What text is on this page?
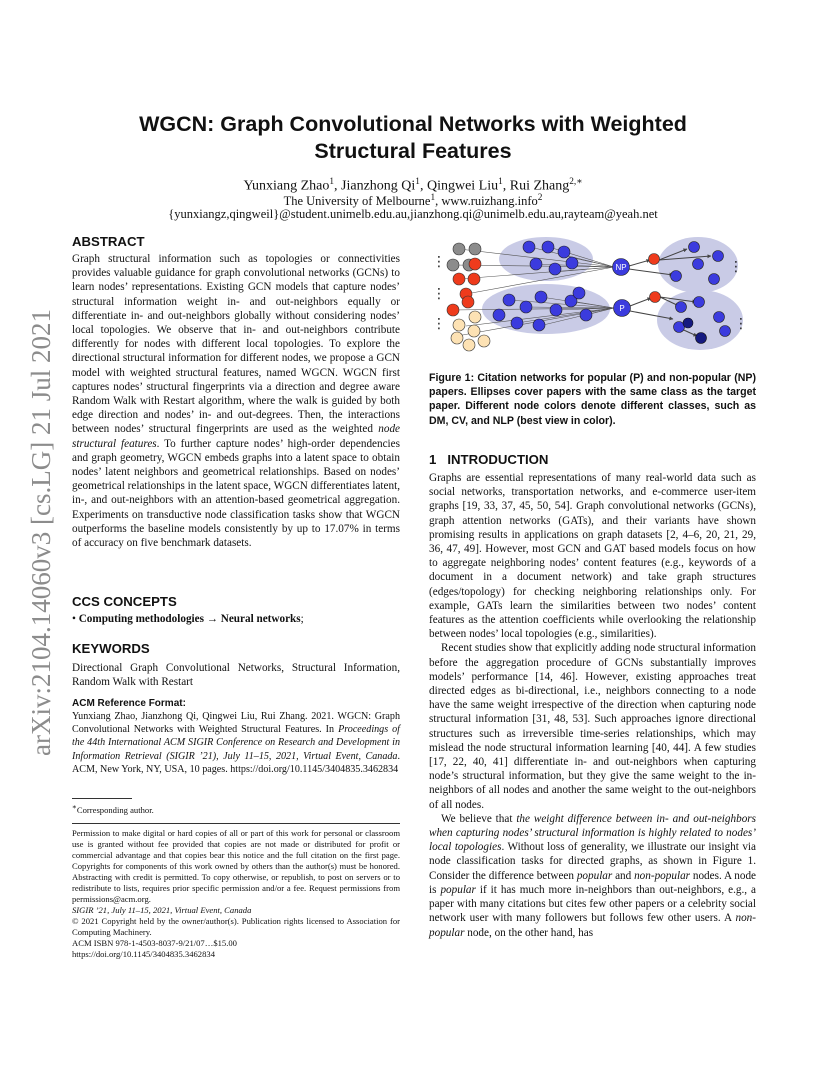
arXiv:2104.14060v3 [cs.LG] 21 Jul 2021
WGCN: Graph Convolutional Networks with Weighted Structural Features
Yunxiang Zhao$^1$, Jianzhong Qi$^1$, Qingwei Liu$^1$, Rui Zhang$^{2,∗}$
The University of Melbourne$^1$, www.ruizhang.info$^2$
{yunxiangz,qingweil}@student.unimelb.edu.au,jianzhong.qi@unimelb.edu.au,rayteam@yeah.net
ABSTRACT
Graph structural information such as topologies or connectivities provides valuable guidance for graph convolutional networks (GCNs) to learn nodes’ representations. Existing GCN models that capture nodes’ structural information weight in- and out-neighbors equally or differentiate in- and out-neighbors globally without considering nodes’ local topologies. We observe that in- and out-neighbors contribute differently for nodes with different local topologies. To explore the directional structural information for different nodes, we propose a GCN model with weighted structural features, named WGCN. WGCN first captures nodes’ structural fingerprints via a direction and degree aware Random Walk with Restart algorithm, where the walk is guided by both edge direction and nodes’ in- and out-degrees. Then, the interactions between nodes’ structural fingerprints are used as the weighted node structural features. To further capture nodes’ high-order dependencies and graph geometry, WGCN embeds graphs into a latent space to obtain nodes’ latent neighbors and geometrical relationships. Based on nodes’ geometrical relationships in the latent space, WGCN differentiates latent, in-, and out-neighbors with an attention-based geometrical aggregation. Experiments on transductive node classification tasks show that WGCN outperforms the baseline models consistently by up to 17.07% in terms of accuracy on five benchmark datasets.
CCS CONCEPTS
• Computing methodologies → Neural networks;
KEYWORDS
Directional Graph Convolutional Networks, Structural Information, Random Walk with Restart

ACM Reference Format:

Yunxiang Zhao, Jianzhong Qi, Qingwei Liu, Rui Zhang. 2021. WGCN: Graph Convolutional Networks with Weighted Structural Features. In Proceedings of the 44th International ACM SIGIR Conference on Research and Development in Information Retrieval (SIGIR ’21), July 11–15, 2021, Virtual Event, Canada. ACM, New York, NY, USA, 10 pages. https://doi.org/10.1145/3404835.3462834

∗Corresponding author.

Permission to make digital or hard copies of all or part of this work for personal or classroom use is granted without fee provided that copies are not made or distributed for profit or commercial advantage and that copies bear this notice and the full citation on the first page. Copyrights for components of this work owned by others than the author(s) must be honored. Abstracting with credit is permitted. To copy otherwise, or republish, to post on servers or to redistribute to lists, requires prior specific permission and/or a fee. Request permissions from permissions@acm.org.

SIGIR ’21, July 11–15, 2021, Virtual Event, Canada

© 2021 Copyright held by the owner/author(s). Publication rights licensed to Association for Computing Machinery.

ACM ISBN 978-1-4503-8037-9/21/07…$15.00

https://doi.org/10.1145/3404835.3462834

NP
P
⋮
⋮
⋮
⋮
⋮

Figure 1: Citation networks for popular (P) and non-popular (NP) papers. Ellipses cover papers with the same class as the target paper. Different node colors denote different classes, such as DM, CV, and NLP (best view in color).

1 INTRODUCTION

Graphs are essential representations of many real-world data such as social networks, transportation networks, and e-commerce user-item graphs [19, 33, 37, 45, 50, 54]. Graph convolutional networks (GCNs), graph attention networks (GATs), and their variants have shown promising results in applications on graph datasets [2, 4–6, 20, 21, 29, 36, 47, 49]. However, most GCN and GAT based models focus on how to aggregate neighboring nodes’ content features (e.g., keywords of a document in a document network) and take graph structures (edges/topology) for checking neighboring relationships only. For example, GATs learn the similarities between two nodes’ content features as the attention coefficients while overlooking the relationship between nodes’ local topologies (e.g., similarities).

Recent studies show that explicitly adding node structural information before the aggregation procedure of GCNs substantially improves models’ performance [14, 46]. However, existing approaches treat directed edges as bi-directional, i.e., neighbors connecting to a node have the same weight irrespective of the direction when capturing node structural information [31, 48, 53]. Such approaches ignore directional structures such as irreversible time-series relationships, which may mislead the node structural information learning [40, 44]. A few studies [17, 22, 40, 41] differentiate in- and out-neighbors when capturing node’s structural information, but they give the same weight to the in-neighbors of all nodes and another the same weight to the out-neighbors of all nodes.

We believe that the weight difference between in- and out-neighbors when capturing nodes’ structural information is highly related to nodes’ local topologies. Without loss of generality, we illustrate our insight via node classification tasks for directed graphs, as shown in Figure 1. Consider the difference between popular and non-popular nodes. A node is popular if it has much more in-neighbors than out-neighbors, e.g., a paper with many citations but cites few other papers or a celebrity social network user with many followers but follows few other users. A non-popular node, on the other hand, has
